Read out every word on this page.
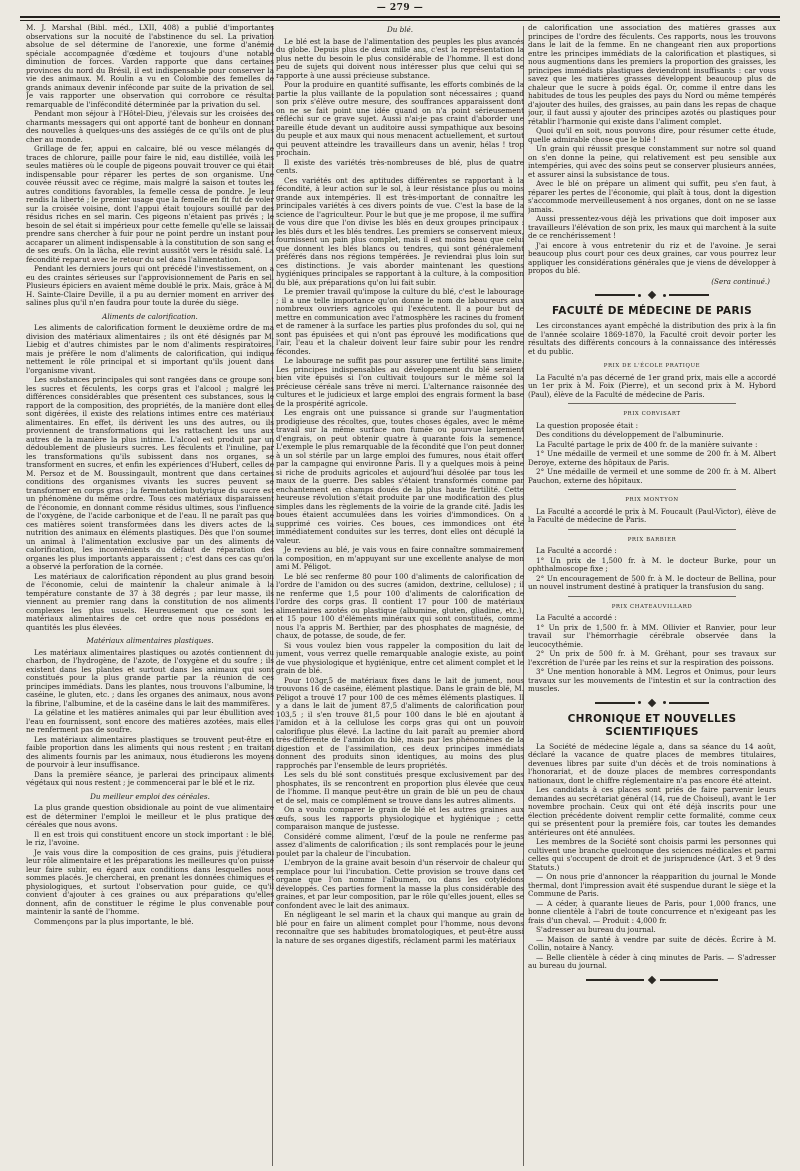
— 279 —

M. J. Marshal (Bibl. méd., LXII, 408) a publié d'importantes observations sur la nocuité de l'abstinence du sel. La privation absolue de sel détermine de l'anorexie, une forme d'anémie spéciale accompagnée d'œdème et toujours d'une notable diminution de forces. Varden rapporte que dans certaines provinces du nord du Brésil, il est indispensable pour conserver la vie des animaux. M. Roulin a vu en Colombie des femelles de grands animaux devenir inféconde par suite de la privation de sel. Je vais rapporter une observation qui corrobore ce résultat remarquable de l'infécondité déterminée par la privation du sel.

Pendant mon séjour à l'Hôtel-Dieu, j'élevais sur les croisées des charmants messagers qui ont apporté tant de bonheur en donnant des nouvelles à quelques-uns des assiégés de ce qu'ils ont de plus cher au monde.

Grillage de fer, appui en calcaire, blé ou vesce mélangés de traces de chlorure, paille pour faire le nid, eau distillée, voilà les seules matières où le couple de pigeons pouvait trouver ce qui était indispensable pour réparer les pertes de son organisme. Une couvée réussit avec ce régime, mais malgré la saison et toutes les autres conditions favorables, la femelle cessa de pondre. Je leur rendis la liberté ; le premier usage que la femelle en fit fut de voler sur la croisée voisine, dont l'appui était toujours souillé par des résidus riches en sel marin. Ces pigeons n'étaient pas privés ; le besoin de sel était si impérieux pour cette femelle qu'elle se laissait prendre sans chercher à fuir pour ne point perdre un instant pour accaparer un aliment indispensable à la constitution de son sang et de ses œufs. On la lâcha, elle revint aussitôt vers le résidu salé. La fécondité reparut avec le retour du sel dans l'alimentation.

Pendant les derniers jours qui ont précédé l'investissement, on a eu des craintes sérieuses sur l'approvisionnement de Paris en sel. Plusieurs épiciers en avaient même doublé le prix. Mais, grâce à M. H. Sainte-Claire Deville, il a pu au dernier moment en arriver des salines plus qu'il n'en faudra pour toute la durée du siège.

Aliments de calorification.

Les aliments de calorification forment le deuxième ordre de ma division des matériaux alimentaires ; ils ont été désignés par M. Liebig et d'autres chimistes par le nom d'aliments respiratoires, mais je préfère le nom d'aliments de calorification, qui indique nettement le rôle principal et si important qu'ils jouent dans l'organisme vivant.

Les substances principales qui sont rangées dans ce groupe sont les sucres et féculents, les corps gras et l'alcool ; malgré les différences considérables que présentent ces substances, sous le rapport de la composition, des propriétés, de la manière dont elles sont digérées, il existe des relations intimes entre ces matériaux alimentaires. En effet, ils dérivent les uns des autres, ou ils proviennent de transformations qui les rattachent les uns aux autres de la manière la plus intime. L'alcool est produit par un dédoublement de plusieurs sucres. Les féculents et l'inuline, par les transformations qu'ils subissent dans nos organes, se transforment en sucres, et enfin les expériences d'Hubert, celles de M. Persoz et de M. Boussingault, montrent que dans certaines conditions des organismes vivants les sucres peuvent se transformer en corps gras ; la fermentation butyrique du sucre est un phénomène du même ordre. Tous ces matériaux disparaissent de l'économie, en donnant comme résidus ultimes, sous l'influence de l'oxygène, de l'acide carbonique et de l'eau. Il ne paraît pas que ces matières soient transformées dans les divers actes de la nutrition des animaux en éléments plastiques. Dès que l'on soumet un animal à l'alimentation exclusive par un des aliments de calorification, les inconvénients du défaut de réparation des organes les plus importants apparaissent ; c'est dans ces cas qu'on a observé la perforation de la cornée.

Les matériaux de calorification répondent au plus grand besoin de l'économie, celui de maintenir la chaleur animale à la température constante de 37 à 38 degrés ; par leur masse, ils viennent au premier rang dans la constitution de nos aliments complexes les plus usuels. Heureusement que ce sont les matériaux alimentaires de cet ordre que nous possédons en quantités les plus élevées.

Matériaux alimentaires plastiques.

Les matériaux alimentaires plastiques ou azotés contiennent du charbon, de l'hydrogène, de l'azote, de l'oxygène et du soufre ; ils existent dans les plantes et surtout dans les animaux qui sont constitués pour la plus grande partie par la réunion de ces principes immédiats. Dans les plantes, nous trouvons l'albumine, la caséine, le gluten, etc. ; dans les organes des animaux, nous avons la fibrine, l'albumine, et de la caséine dans le lait des mammifères.

La gélatine et les matières animales qui par leur ébullition avec l'eau en fournissent, sont encore des matières azotées, mais elles ne renferment pas de soufre.

Les matériaux alimentaires plastiques se trouvent peut-être en faible proportion dans les aliments qui nous restent ; en traitant des aliments fournis par les animaux, nous étudierons les moyens de pourvoir à leur insuffisance.

Dans la première séance, je parlerai des principaux aliments végétaux qui nous restent ; je commencerai par le blé et le riz.

Du meilleur emploi des céréales.

La plus grande question obsidionale au point de vue alimentaire est de déterminer l'emploi le meilleur et le plus pratique des céréales que nous avons.

Il en est trois qui constituent encore un stock important : le blé, le riz, l'avoine.

Je vais vous dire la composition de ces grains, puis j'étudierai leur rôle alimentaire et les préparations les meilleures qu'on puisse leur faire subir, eu égard aux conditions dans lesquelles nous sommes placés. Je chercherai, en prenant les données chimiques et physiologiques, et surtout l'observation pour guide, ce qu'il convient d'ajouter à ces graines ou aux préparations qu'elles donnent, afin de constituer le régime le plus convenable pour maintenir la santé de l'homme.

Commençons par la plus importante, le blé.

Du blé.

Le blé est la base de l'alimentation des peuples les plus avancés du globe. Depuis plus de deux mille ans, c'est la représentation la plus nette du besoin le plus considérable de l'homme. Il est donc peu de sujets qui doivent nous intéresser plus que celui qui se rapporte à une aussi précieuse substance.

Pour la produire en quantité suffisante, les efforts combinés de la partie la plus vaillante de la population sont nécessaires ; quand son prix s'élève outre mesure, des souffrances apparaissent dont on ne se fait point une idée quand on n'a point sérieusement réfléchi sur ce grave sujet. Aussi n'ai-je pas craint d'aborder une pareille étude devant un auditoire aussi sympathique aux besoins du peuple et aux maux qui nous menacent actuellement, et surtout qui peuvent atteindre les travailleurs dans un avenir, hélas ! trop prochain.

Il existe des variétés très-nombreuses de blé, plus de quatre cents.

Ces variétés ont des aptitudes différentes se rapportant à la fécondité, à leur action sur le sol, à leur résistance plus ou moins grande aux intempéries. Il est très-important de connaître les principales variétés à ces divers points de vue. C'est la base de la science de l'agriculteur. Pour le but que je me propose, il me suffira de vous dire que l'on divise les blés en deux groupes principaux : les blés durs et les blés tendres. Les premiers se conservent mieux, fournissent un pain plus complet, mais il est moins beau que celui que donnent les blés blancs ou tendres, qui sont généralement préférés dans nos régions tempérées. Je reviendrai plus loin sur ces distinctions. Je vais aborder maintenant les questions hygiéniques principales se rapportant à la culture, à la composition du blé, aux préparations qu'on lui fait subir.

Le premier travail qu'impose la culture du blé, c'est le labourage ; il a une telle importance qu'on donne le nom de laboureurs aux nombreux ouvriers agricoles qui l'exécutent. Il a pour but de mettre en communication avec l'atmosphère les racines du froment et de ramener à la surface les parties plus profondes du sol, qui ne sont pas épuisées et qui n'ont pas éprouvé les modifications que l'air, l'eau et la chaleur doivent leur faire subir pour les rendre fécondes.

Le labourage ne suffit pas pour assurer une fertilité sans limite. Les principes indispensables au développement du blé seraient bien vite épuisés si l'on cultivait toujours sur le même sol la précieuse céréale sans trêve ni merci. L'alternance raisonnée des cultures et le judicieux et large emploi des engrais forment la base de la prospérité agricole.

Les engrais ont une puissance si grande sur l'augmentation prodigieuse des récoltes, que, toutes choses égales, avec le même travail sur la même surface non fumée ou pourvue largement d'engrais, on peut obtenir quatre à quarante fois la semence. L'exemple le plus remarquable de la fécondité que l'on peut donner à un sol stérile par un large emploi des fumures, nous était offert par la campagne qui environne Paris. Il y a quelques mois à peine si riche de produits agricoles et aujourd'hui désolée par tous les maux de la guerre. Des sables s'étaient transformés comme par enchantement en champs doués de la plus haute fertilité. Cette heureuse révolution s'était produite par une modification des plus simples dans les règlements de la voirie de la grande cité. Jadis les boues étaient accumulées dans les voiries d'immondices. On a supprimé ces voiries. Ces boues, ces immondices ont été immédiatement conduites sur les terres, dont elles ont décuplé la valeur.

Je reviens au blé, je vais vous en faire connaître sommairement la composition, en m'appuyant sur une excellente analyse de mon ami M. Péligot.

Le blé sec renferme 80 pour 100 d'aliments de calorification de l'ordre de l'amidon ou des sucres (amidon, dextrine, cellulose) ; il ne renferme que 1,5 pour 100 d'aliments de calorification de l'ordre des corps gras. Il contient 17 pour 100 de matériaux alimentaires azotés ou plastique (albumine, gluten, gliadine, etc.), et 15 pour 100 d'éléments minéraux qui sont constitués, comme nous l'a appris M. Berthier, par des phosphates de magnésie, de chaux, de potasse, de soude, de fer.

Si vous voulez bien vous rappeler la composition du lait de jument, vous verrez quelle remarquable analogie existe, au point de vue physiologique et hygiénique, entre cet aliment complet et le grain de blé.

Pour 103gr,5 de matériaux fixes dans le lait de jument, nous trouvons 16 de caséine, élément plastique. Dans le grain de blé, M. Péligot a trouvé 17 pour 100 de ces mêmes éléments plastiques. Il y a dans le lait de jument 87,5 d'aliments de calorification pour 103,5 ; il s'en trouve 81,5 pour 100 dans le blé en ajoutant à l'amidon et à la cellulose les corps gras qui ont un pouvoir calorifique plus élevé. La lactine du lait paraît au premier abord très-différente de l'amidon du blé, mais par les phénomènes de la digestion et de l'assimilation, ces deux principes immédiats donnent des produits sinon identiques, au moins des plus rapprochés par l'ensemble de leurs propriétés.

Les sels du blé sont constitués presque exclusivement par des phosphates, ils se rencontrent en proportion plus élevée que ceux de l'homme. Il manque peut-être un grain de blé un peu de chaux et de sel, mais ce complément se trouve dans les autres aliments.

On a voulu comparer le grain de blé et les autres graines aux œufs, sous les rapports physiologique et hygiénique ; cette comparaison manque de justesse.

Considéré comme aliment, l'œuf de la poule ne renferme pas assez d'aliments de calorification ; ils sont remplacés pour le jeune poulet par la chaleur de l'incubation.

L'embryon de la graine avait besoin d'un réservoir de chaleur qui remplace pour lui l'incubation. Cette provision se trouve dans cet organe que l'on nomme l'albumen, ou dans les cotylédons développés. Ces parties forment la masse la plus considérable des graines, et par leur composition, par le rôle qu'elles jouent, elles se confondent avec le lait des animaux.

En négligeant le sel marin et la chaux qui manque au grain de blé pour en faire un aliment complet pour l'homme, nous devons reconnaître que ses habitudes bromatologiques, et peut-être aussi la nature de ses organes digestifs, réclament parmi les matériaux

de calorification une association des matières grasses aux principes de l'ordre des féculents. Ces rapports, nous les trouvons dans le lait de la femme. En ne changeant rien aux proportions entre les principes immédiats de la calorification et plastiques, si nous augmentions dans les premiers la proportion des graisses, les principes immédiats plastiques deviendront insuffisants : car vous savez que les matières grasses développent beaucoup plus de chaleur que le sucre à poids égal. Or, comme il entre dans les habitudes de tous les peuples des pays du Nord ou même tempérés d'ajouter des huiles, des graisses, au pain dans les repas de chaque jour, il faut aussi y ajouter des principes azotés ou plastiques pour rétablir l'harmonie qui existe dans l'aliment complet.

Quoi qu'il en soit, nous pouvons dire, pour résumer cette étude, quelle admirable chose que le blé !

Un grain qui réussit presque constamment sur notre sol quand on s'en donne la peine, qui relativement est peu sensible aux intempéries, qui avec des soins peut se conserver plusieurs années, et assurer ainsi la subsistance de tous.

Avec le blé on prépare un aliment qui suffit, peu s'en faut, à réparer les pertes de l'économie, qui plaît à tous, dont la digestion s'accommode merveilleusement à nos organes, dont on ne se lasse jamais.

Aussi pressentez-vous déjà les privations que doit imposer aux travailleurs l'élévation de son prix, les maux qui marchent à la suite de ce renchérissement !

J'ai encore à vous entretenir du riz et de l'avoine. Je serai beaucoup plus court pour ces deux graines, car vous pourrez leur appliquer les considérations générales que je viens de développer à propos du blé.

(Sera continué.)
FACULTÉ DE MÉDECINE DE PARIS

Les circonstances ayant empêché la distribution des prix à la fin de l'année scolaire 1869-1870, la Faculté croit devoir porter les résultats des différents concours à la connaissance des intéressés et du public.

PRIX DE L'ÉCOLE PRATIQUE

La Faculté n'a pas décerné de 1er grand prix, mais elle a accordé un 1er prix à M. Foix (Pierre), et un second prix à M. Hybord (Paul), élève de la Faculté de médecine de Paris.

PRIX CORVISART

La question proposée était :

Des conditions du développement de l'albuminurie.

La Faculté partage le prix de 400 fr. de la manière suivante :

1° Une médaille de vermeil et une somme de 200 fr. à M. Albert Deroye, externe des hôpitaux de Paris.

2° Une médaille de vermeil et une somme de 200 fr. à M. Albert Pauchon, externe des hôpitaux.

PRIX MONTYON

La Faculté a accordé le prix à M. Foucault (Paul-Victor), élève de la Faculté de médecine de Paris.

PRIX BARBIER

La Faculté a accordé :

1° Un prix de 1,500 fr. à M. le docteur Burke, pour un ophthalmoscope fixe ;

2° Un encouragement de 500 fr. à M. le docteur de Bellina, pour un nouvel instrument destiné à pratiquer la transfusion du sang.

PRIX CHATEAUVILLARD

La Faculté a accordé :

1° Un prix de 1,500 fr. à MM. Ollivier et Ranvier, pour leur travail sur l'hémorrhagie cérébrale observée dans la leucocythémie.

2° Un prix de 500 fr. à M. Gréhant, pour ses travaux sur l'excrétion de l'urée par les reins et sur la respiration des poissons.

3° Une mention honorable à MM. Legros et Onimus, pour leurs travaux sur les mouvements de l'intestin et sur la contraction des muscles.

CHRONIQUE ET NOUVELLES SCIENTIFIQUES

La Société de médecine légale a, dans sa séance du 14 août, déclaré la vacance de quatre places de membres titulaires, devenues libres par suite d'un décès et de trois nominations à l'honorariat, et de douze places de membres correspondants nationaux, dont le chiffre réglementaire n'a pas encore été atteint.

Les candidats à ces places sont priés de faire parvenir leurs demandes au secrétariat général (14, rue de Choiseul), avant le 1er novembre prochain. Ceux qui ont été déjà inscrits pour une élection précédente doivent remplir cette formalité, comme ceux qui se présentent pour la première fois, car toutes les demandes antérieures ont été annulées.

Les membres de la Société sont choisis parmi les personnes qui cultivent une branche quelconque des sciences médicales et parmi celles qui s'occupent de droit et de jurisprudence (Art. 3 et 9 des Statuts.)

— On nous prie d'annoncer la réapparition du journal le Monde thermal, dont l'impression avait été suspendue durant le siège et la Commune de Paris.

— A céder, à quarante lieues de Paris, pour 1,000 francs, une bonne clientèle à l'abri de toute concurrence et n'exigeant pas les frais d'un cheval. — Produit : 4,000 fr.

S'adresser au bureau du journal.

— Maison de santé à vendre par suite de décès. Écrire à M. Collin, notaire à Nancy.

— Belle clientèle à céder à cinq minutes de Paris. — S'adresser au bureau du journal.
